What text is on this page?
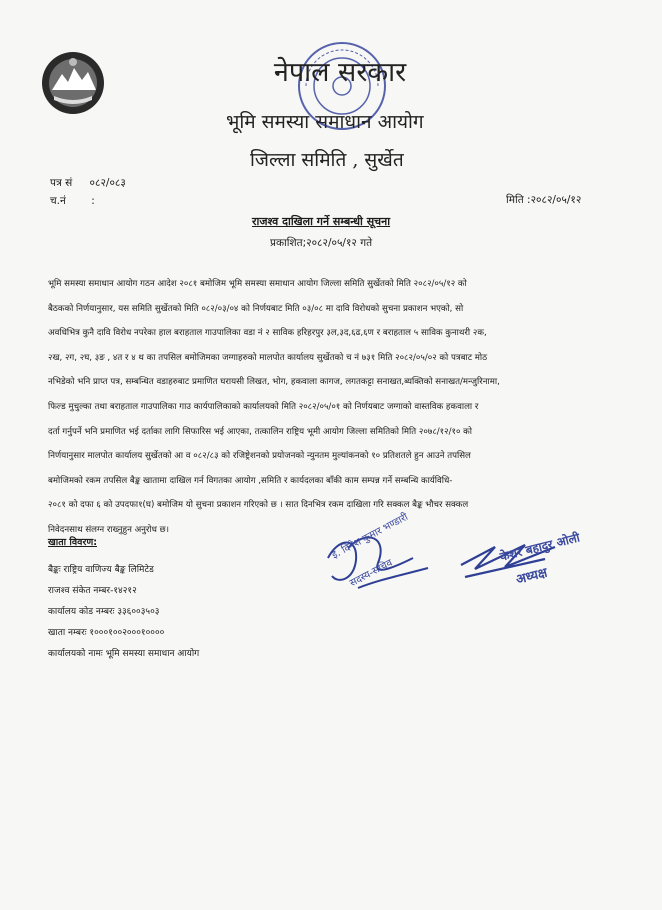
नेपाल सरकार
भूमि समस्या समाधान आयोग
जिल्ला समिति , सुर्खेत
पत्र सं ०८२/०८३
च.नं :	मिति :२०८२/०५/१२
राजश्व दाखिला गर्ने सम्बन्धी सूचना
प्रकाशित;२०८२/०५/१२ गते
भूमि समस्या समाधान आयोग गठन आदेश २०८१ बमोजिम भूमि समस्या समाधान आयोग जिल्ला समिति सुर्खेतको मिति २०८२/०५/१२ को
बैठकको निर्णयानुसार, यस समिति सुर्खेतको मिति ०८२/०३/०४ को निर्णयबाट मिति ०३/०८ मा दावि विरोधको सुचना प्रकाशन भएको, सो
अवधिभित्र कुनै दावि विरोध नपरेका हाल बराहताल गाउपालिका वडा नं २ साविक हरिहरपुर ३ल,३द,६ढ,६ण र बराहताल ५ साविक कुनाथरी २क,
२ख, २ग, २घ, ३ङ , ४त र ४ थ का तपसिल बमोजिमका जग्गाहरुको मालपोत कार्यालय सुर्खेतको च नं ७३१ मिति २०८२/०५/०२ को पत्रबाट मोठ
नभिडेको भनि प्राप्त पत्र, सम्बन्धित वडाहरुबाट प्रमाणित घरायसी लिखत, भोग, हकवाला कागज, लगतकट्टा सनाखत,ब्यक्तिको सनाखत/मन्जुरिनामा,
फिल्ड मुचुल्का तथा बराहताल गाउपालिका गाउ कार्यपालिकाको कार्यालयको मिति २०८२/०५/०१ को निर्णयबाट जग्गाको वास्तविक हकवाला र
दर्ता गर्नुपर्ने भनि प्रमाणित भई दर्ताका लागि सिफारिस भई आएका, तत्कालिन राष्ट्रिय भूमी आयोग जिल्ला समितिको मिति २०७८/१२/१० को
निर्णयानुसार मालपोत कार्यालय सुर्खेतको आ व ०८२/८३ को रजिष्ट्रेशनको प्रयोजनको न्युनतम मुल्यांकनको १० प्रतिशतले हुन आउने तपसिल
बमोजिमको रकम तपसिल बैङ्क खातामा दाखिल गर्न विगतका आयोग ,समिति र कार्यदलका बाँकी काम सम्पन्न गर्ने सम्बन्धि कार्यविधि-
२०८१ को दफा ६ को उपदफा१(घ) बमोजिम यो सुचना प्रकाशन गरिएको छ । सात दिनभित्र रकम दाखिला गरि सक्कल बैङ्क भौचर सक्कल
निवेदनसाथ संलग्न राख्नुहुन अनुरोध छ।
खाता विवरण:
बैङ्कः राष्ट्रिय वाणिज्य बैङ्क लिमिटेड
राजश्व संकेत नम्बर-१४२१२
कार्यालय कोड नम्बरः ३३६००३५०३
खाता नम्बरः १०००१००२०००१००००
कार्यालयको नामः भूमि समस्या समाधान आयोग
ई. दिनेश कुमार भण्डारी
सदस्य-सचिव
केशर बहादुर ओली
अध्यक्ष
